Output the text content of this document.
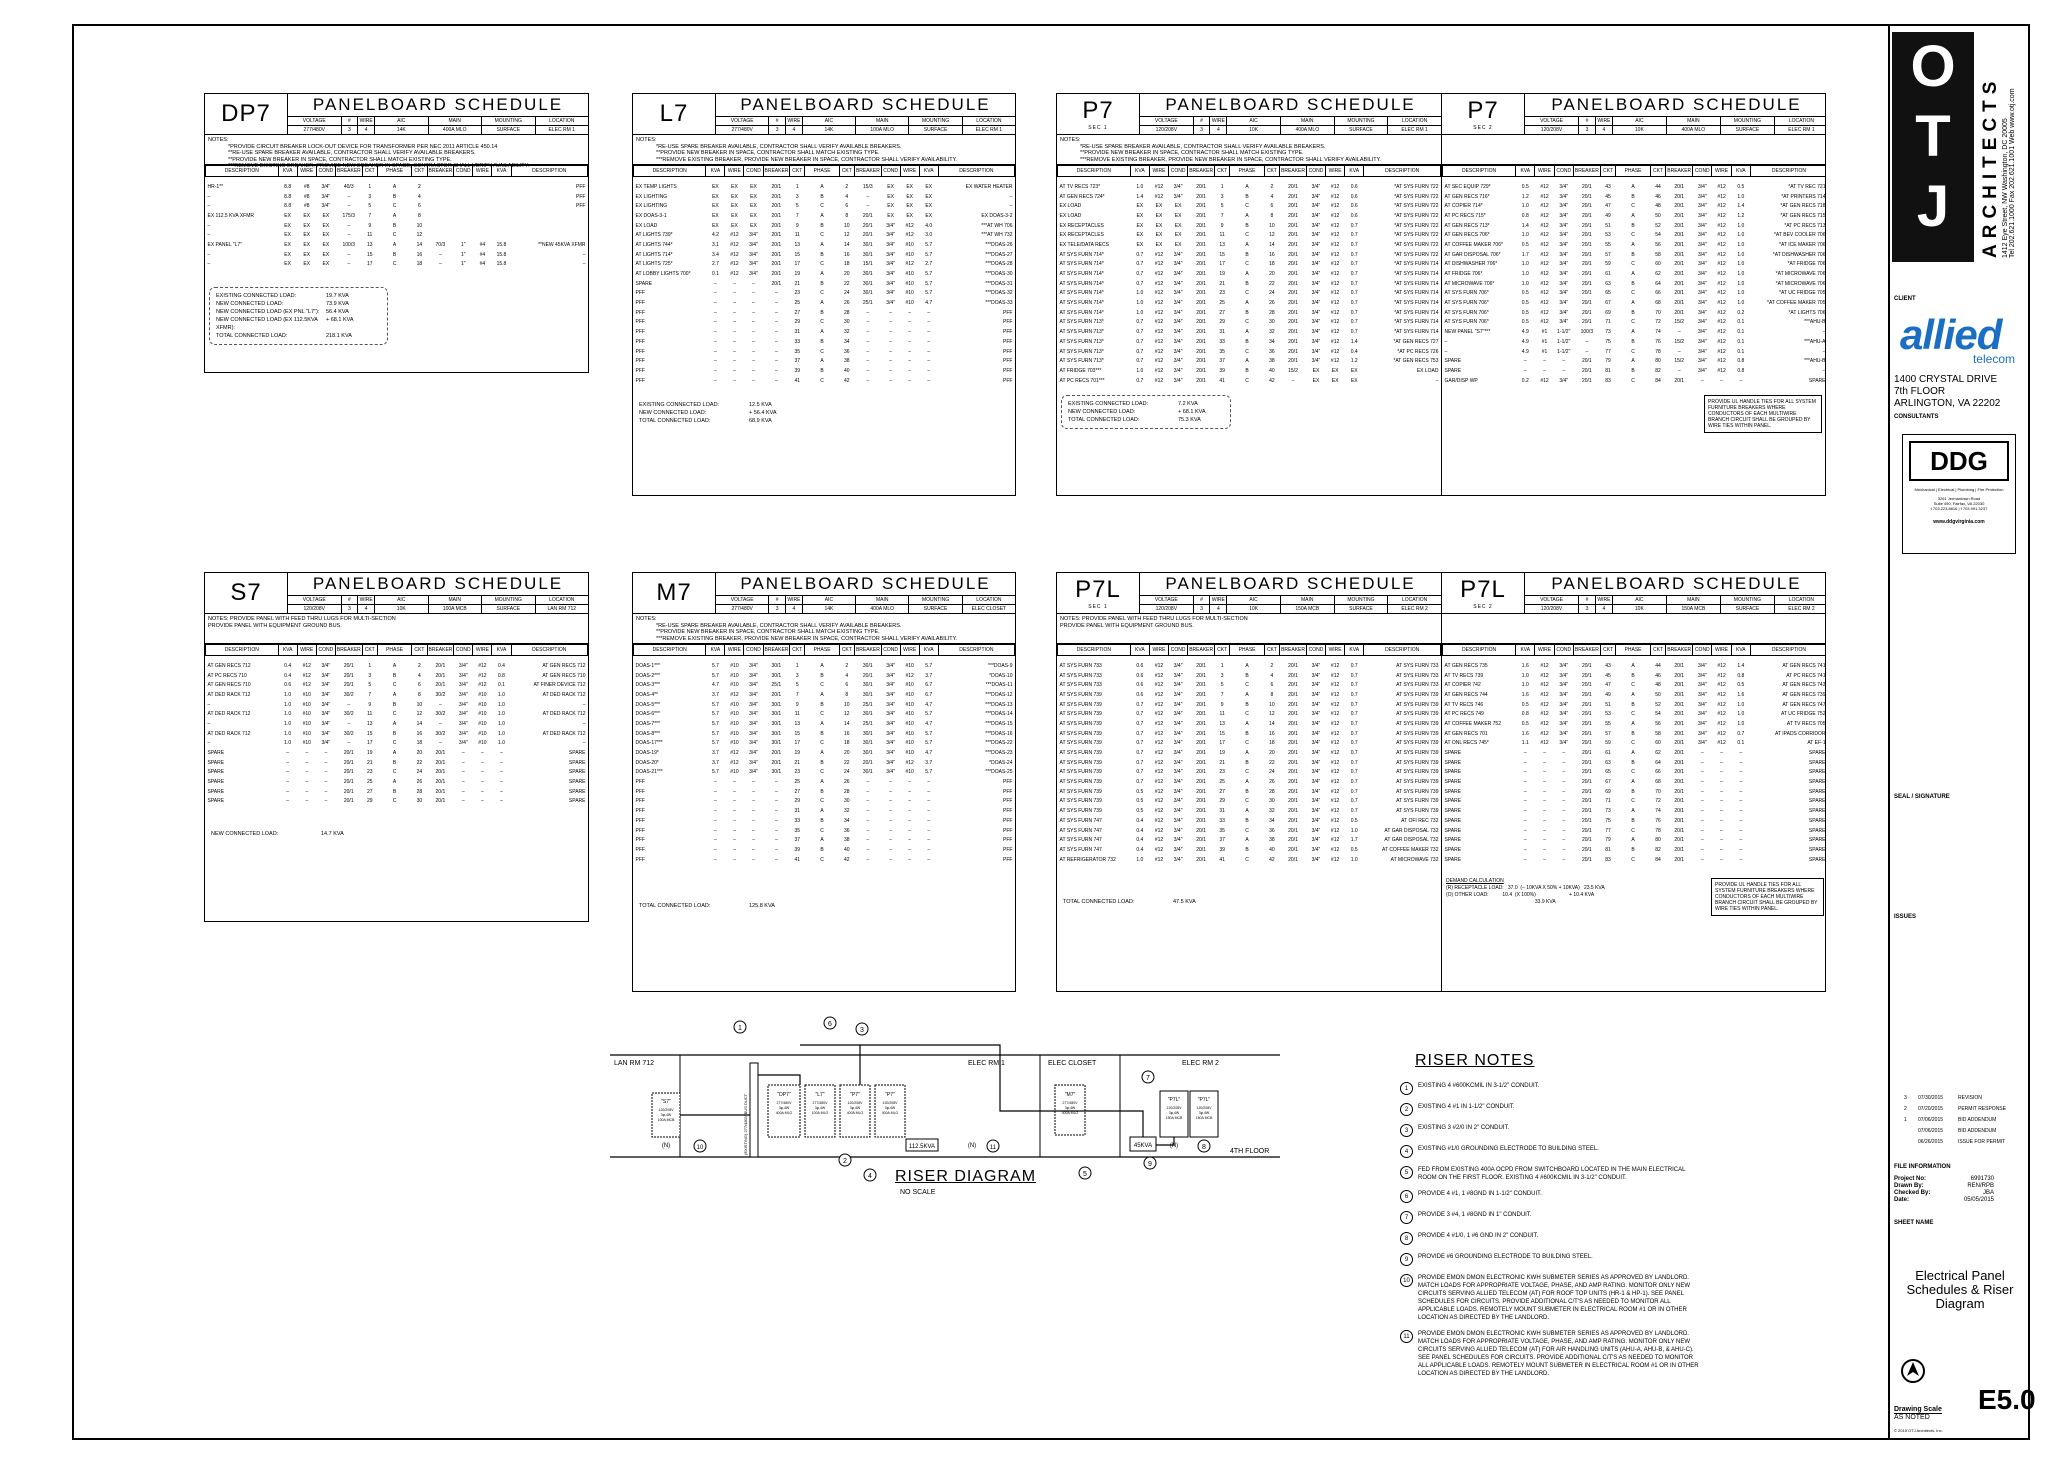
DP7	PANELBOARD SCHEDULE
VOLTAGE
277/480V
#
3
WIRE
4
AIC
14K
MAIN
400A MLO
MOUNTING
SURFACE
LOCATION
ELEC RM 1
NOTES:
*PROVIDE CIRCUIT BREAKER LOCK-OUT DEVICE FOR TRANSFORMER PER NEC 2011 ARTICLE 450.14
**RE-USE SPARE BREAKER AVAILABLE, CONTRACTOR SHALL VERIFY AVAILABLE BREAKERS.
**PROVIDE NEW BREAKER IN SPACE, CONTRACTOR SHALL MATCH EXISTING TYPE.
***REMOVE EXISTING BREAKER, PROVIDE NEW BREAKER IN SPACE, CONTRACTOR SHALL VERIFY AVAILABILITY.
DESCRIPTION	KVA	WIRE	COND	BREAKER	CKT	PHASE	CKT	BREAKER	COND	WIRE	KVA	DESCRIPTION

HR-1**	8.8	#8	3/4"	40/3	1	A	2					PFF
–	8.8	#8	3/4"	–	3	B	4					PFF
–	8.8	#8	3/4"	–	5	C	6					PFF
EX 112.5 KVA XFMR	EX	EX	EX	175/3	7	A	8					
–	EX	EX	EX	–	9	B	10					
–	EX	EX	EX	–	11	C	12					
EX PANEL "L7"	EX	EX	EX	100/3	13	A	14	70/3	1"	#4	15.8	**NEW 45KVA XFMR
–	EX	EX	EX	–	15	B	16	–	1"	#4	15.8	–
–	EX	EX	EX	–	17	C	18	–	1"	#4	15.8	–
EXISTING CONNECTED LOAD:	19.7 KVA
NEW CONNECTED LOAD:	73.9 KVA
NEW CONNECTED LOAD (EX PNL "L7"):	56.4 KVA
NEW CONNECTED LOAD (EX 112.5KVA XFMR):
+ 68.1 KVA
TOTAL CONNECTED LOAD:	218.1 KVA
L7	PANELBOARD SCHEDULE
VOLTAGE
277/480V
#
3
WIRE
4
AIC
14K
MAIN
100A MLO
MOUNTING
SURFACE
LOCATION
ELEC RM 1
NOTES:
*RE-USE SPARE BREAKER AVAILABLE, CONTRACTOR SHALL VERIFY AVAILABLE BREAKERS.
**PROVIDE NEW BREAKER IN SPACE, CONTRACTOR SHALL MATCH EXISTING TYPE.
***REMOVE EXISTING BREAKER, PROVIDE NEW BREAKER IN SPACE, CONTRACTOR SHALL VERIFY AVAILABILITY.
DESCRIPTION	KVA	WIRE	COND	BREAKER	CKT	PHASE	CKT	BREAKER	COND	WIRE	KVA	DESCRIPTION

EX TEMP LIGHTS	EX	EX	EX	20/1	1	A	2	15/3	EX	EX	EX	EX WATER HEATER
EX LIGHTING	EX	EX	EX	20/1	3	B	4	–	EX	EX	EX	–
EX LIGHTING	EX	EX	EX	20/1	5	C	6	–	EX	EX	EX	–
EX DOAS-3-1	EX	EX	EX	20/1	7	A	8	20/1	EX	EX	EX	EX DOAS-3-2
EX LOAD	EX	EX	EX	20/1	9	B	10	20/1	3/4"	#12	4.0	***AT WH 706
AT LIGHTS 739*	4.2	#12	3/4"	20/1	11	C	12	20/1	3/4"	#12	3.0	***AT WH 732
AT LIGHTS 744*	3.1	#12	3/4"	20/1	13	A	14	30/1	3/4"	#10	5.7	***DOAS-26
AT LIGHTS 714*	3.4	#12	3/4"	20/1	15	B	16	30/1	3/4"	#10	5.7	***DOAS-27
AT LIGHTS 725*	2.7	#12	3/4"	20/1	17	C	18	15/1	3/4"	#12	2.7	***DOAS-28
AT LOBBY LIGHTS 700*	0.1	#12	3/4"	20/1	19	A	20	30/1	3/4"	#10	5.7	***DOAS-30
SPARE	–	–	–	20/1	21	B	22	30/1	3/4"	#10	5.7	***DOAS-31
PFF	–	–	–	–	23	C	24	30/1	3/4"	#10	5.7	***DOAS-32
PFF	–	–	–	–	25	A	26	25/1	3/4"	#10	4.7	***DOAS-33
PFF	–	–	–	–	27	B	28	–	–	–	–	PFF
PFF	–	–	–	–	29	C	30	–	–	–	–	PFF
PFF	–	–	–	–	31	A	32	–	–	–	–	PFF
PFF	–	–	–	–	33	B	34	–	–	–	–	PFF
PFF	–	–	–	–	35	C	36	–	–	–	–	PFF
PFF	–	–	–	–	37	A	38	–	–	–	–	PFF
PFF	–	–	–	–	39	B	40	–	–	–	–	PFF
PFF	–	–	–	–	41	C	42	–	–	–	–	PFF
EXISTING CONNECTED LOAD:	12.5 KVA
NEW CONNECTED LOAD:	+ 56.4 KVA
TOTAL CONNECTED LOAD:	68.9 KVA
P7
SEC 1
PANELBOARD SCHEDULE
VOLTAGE
120/208V
#
3
WIRE
4
AIC
10K
MAIN
400A MLO
MOUNTING
SURFACE
LOCATION
ELEC RM 1
NOTES:
*RE-USE SPARE BREAKER AVAILABLE, CONTRACTOR SHALL VERIFY AVAILABLE BREAKERS.
**PROVIDE NEW BREAKER IN SPACE, CONTRACTOR SHALL MATCH EXISTING TYPE.
***REMOVE EXISTING BREAKER, PROVIDE NEW BREAKER IN SPACE, CONTRACTOR SHALL VERIFY AVAILABILITY.
DESCRIPTION	KVA	WIRE	COND	BREAKER	CKT	PHASE	CKT	BREAKER	COND	WIRE	KVA	DESCRIPTION

AT TV RECS 723*	1.0	#12	3/4"	20/1	1	A	2	20/1	3/4"	#12	0.6	*AT SYS FURN 722
AT GEN RECS 724*	1.4	#12	3/4"	20/1	3	B	4	20/1	3/4"	#12	0.6	*AT SYS FURN 722
EX LOAD	EX	EX	EX	20/1	5	C	6	20/1	3/4"	#12	0.6	*AT SYS FURN 722
EX LOAD	EX	EX	EX	20/1	7	A	8	20/1	3/4"	#12	0.6	*AT SYS FURN 722
EX RECEPTACLES	EX	EX	EX	20/1	9	B	10	20/1	3/4"	#12	0.7	*AT SYS FURN 722
EX RECEPTACLES	EX	EX	EX	20/1	11	C	12	20/1	3/4"	#12	0.7	*AT SYS FURN 722
EX TELE/DATA RECS	EX	EX	EX	20/1	13	A	14	20/1	3/4"	#12	0.7	*AT SYS FURN 722
AT SYS FURN 714*	0.7	#12	3/4"	20/1	15	B	16	20/1	3/4"	#12	0.7	*AT SYS FURN 722
AT SYS FURN 714*	0.7	#12	3/4"	20/1	17	C	18	20/1	3/4"	#12	0.7	*AT SYS FURN 714
AT SYS FURN 714*	0.7	#12	3/4"	20/1	19	A	20	20/1	3/4"	#12	0.7	*AT SYS FURN 714
AT SYS FURN 714*	0.7	#12	3/4"	20/1	21	B	22	20/1	3/4"	#12	0.7	*AT SYS FURN 714
AT SYS FURN 714*	1.0	#12	3/4"	20/1	23	C	24	20/1	3/4"	#12	0.7	*AT SYS FURN 714
AT SYS FURN 714*	1.0	#12	3/4"	20/1	25	A	26	20/1	3/4"	#12	0.7	*AT SYS FURN 714
AT SYS FURN 714*	1.0	#12	3/4"	20/1	27	B	28	20/1	3/4"	#12	0.7	*AT SYS FURN 714
AT SYS FURN 713*	0.7	#12	3/4"	20/1	29	C	30	20/1	3/4"	#12	0.7	*AT SYS FURN 714
AT SYS FURN 713*	0.7	#12	3/4"	20/1	31	A	32	20/1	3/4"	#12	0.7	*AT SYS FURN 714
AT SYS FURN 713*	0.7	#12	3/4"	20/1	33	B	34	20/1	3/4"	#12	1.4	*AT GEN RECS 727
AT SYS FURN 713*	0.7	#12	3/4"	20/1	35	C	36	20/1	3/4"	#12	0.4	*AT PC RECS 726
AT SYS FURN 713*	0.7	#12	3/4"	20/1	37	A	38	20/1	3/4"	#12	1.2	*AT GEN RECS 753
AT FRIDGE 703***	1.0	#12	3/4"	20/1	39	B	40	15/2	EX	EX	EX	EX LOAD
AT PC RECS 701***	0.7	#12	3/4"	20/1	41	C	42	–	EX	EX	EX	–
EXISTING CONNECTED LOAD:	7.2 KVA
NEW CONNECTED LOAD:	+ 68.1 KVA
TOTAL CONNECTED LOAD:	75.3 KVA
P7
SEC 2
PANELBOARD SCHEDULE
VOLTAGE
120/208V
#
3
WIRE
4
AIC
10K
MAIN
400A MLO
MOUNTING
SURFACE
LOCATION
ELEC RM 1
DESCRIPTION	KVA	WIRE	COND	BREAKER	CKT	PHASE	CKT	BREAKER	COND	WIRE	KVA	DESCRIPTION

AT SEC EQUIP 729*	0.5	#12	3/4"	20/1	43	A	44	20/1	3/4"	#12	0.5	*AT TV REC 721
AT GEN RECS 716*	1.2	#12	3/4"	20/1	45	B	46	20/1	3/4"	#12	1.0	*AT PRINTERS 714
AT COPIER 714*	1.0	#12	3/4"	20/1	47	C	48	20/1	3/4"	#12	1.4	*AT GEN RECS 718
AT PC RECS 715*	0.8	#12	3/4"	20/1	49	A	50	20/1	3/4"	#12	1.2	*AT GEN RECS 715
AT GEN RECS 713*	1.4	#12	3/4"	20/1	51	B	52	20/1	3/4"	#12	1.0	*AT PC RECS 713
AT GEN RECS 706*	1.0	#12	3/4"	20/1	53	C	54	20/1	3/4"	#12	1.0	*AT BEV COOLER 706
AT COFFEE MAKER 706*	0.5	#12	3/4"	20/1	55	A	56	20/1	3/4"	#12	1.0	*AT ICE MAKER 706
AT GAR DISPOSAL 706*	1.7	#12	3/4"	20/1	57	B	58	20/1	3/4"	#12	1.0	*AT DISHWASHER 706
AT DISHWASHER 706*	1.0	#12	3/4"	20/1	59	C	60	20/1	3/4"	#12	1.0	*AT FRIDGE 706
AT FRIDGE 706*	1.0	#12	3/4"	20/1	61	A	62	20/1	3/4"	#12	1.0	*AT MICROWAVE 706
AT MICROWAVE 706*	1.0	#12	3/4"	20/1	63	B	64	20/1	3/4"	#12	1.0	*AT MICROWAVE 706
AT SYS FURN 706*	0.5	#12	3/4"	20/1	65	C	66	20/1	3/4"	#12	1.0	*AT UC FRIDGE 705
AT SYS FURN 706*	0.5	#12	3/4"	20/1	67	A	68	20/1	3/4"	#12	1.0	*AT COFFEE MAKER 705
AT SYS FURN 706*	0.5	#12	3/4"	20/1	69	B	70	20/1	3/4"	#12	0.2	*AT LIGHTS 706
AT SYS FURN 706*	0.5	#12	3/4"	20/1	71	C	72	15/2	3/4"	#12	0.1	***AHU-B
NEW PANEL "S7"***	4.9	#1	1-1/2"	100/3	73	A	74	–	3/4"	#12	0.1	–
–	4.9	#1	1-1/2"	–	75	B	76	15/2	3/4"	#12	0.1	***AHU-A
–	4.9	#1	1-1/2"	–	77	C	78	–	3/4"	#12	0.1	–
SPARE	–	–	–	20/1	79	A	80	15/2	3/4"	#12	0.8	***AHU-B
SPARE	–	–	–	20/1	81	B	82	–	3/4"	#12	0.8	–
GAR/DISP WP	0.2	#12	3/4"	20/1	83	C	84	20/1	–	–	–	SPARE
PROVIDE UL HANDLE TIES FOR ALL SYSTEM FURNITURE BREAKERS WHERE CONDUCTORS OF EACH MULTIWIRE BRANCH CIRCUIT SHALL BE GROUPED BY WIRE TIES WITHIN PANEL.
S7	PANELBOARD SCHEDULE
VOLTAGE
120/208V
#
3
WIRE
4
AIC
10K
MAIN
100A MCB
MOUNTING
SURFACE
LOCATION
LAN RM 712
NOTES: PROVIDE PANEL WITH FEED THRU LUGS FOR MULTI-SECTION
PROVIDE PANEL WITH EQUIPMENT GROUND BUS.
DESCRIPTION	KVA	WIRE	COND	BREAKER	CKT	PHASE	CKT	BREAKER	COND	WIRE	KVA	DESCRIPTION

AT GEN RECS 712	0.4	#12	3/4"	20/1	1	A	2	20/1	3/4"	#12	0.4	AT GEN RECS 712
AT PC RECS 710	0.4	#12	3/4"	20/1	3	B	4	20/1	3/4"	#12	0.8	AT GEN RECS 710
AT GEN RECS 710	0.6	#12	3/4"	20/1	5	C	6	20/1	3/4"	#12	0.1	AT FINER DEVICE 712
AT DED RACK 712	1.0	#10	3/4"	30/2	7	A	8	30/2	3/4"	#10	1.0	AT DED RACK 712
–	1.0	#10	3/4"	–	9	B	10	–	3/4"	#10	1.0	–
AT DED RACK 712	1.0	#10	3/4"	30/2	11	C	12	30/2	3/4"	#10	1.0	AT DED RACK 712
–	1.0	#10	3/4"	–	13	A	14	–	3/4"	#10	1.0	–
AT DED RACK 712	1.0	#10	3/4"	30/2	15	B	16	30/2	3/4"	#10	1.0	AT DED RACK 712
–	1.0	#10	3/4"	–	17	C	18	–	3/4"	#10	1.0	–
SPARE	–	–	–	20/1	19	A	20	20/1	–	–	–	SPARE
SPARE	–	–	–	20/1	21	B	22	20/1	–	–	–	SPARE
SPARE	–	–	–	20/1	23	C	24	20/1	–	–	–	SPARE
SPARE	–	–	–	20/1	25	A	26	20/1	–	–	–	SPARE
SPARE	–	–	–	20/1	27	B	28	20/1	–	–	–	SPARE
SPARE	–	–	–	20/1	29	C	30	20/1	–	–	–	SPARE
NEW CONNECTED LOAD:	14.7 KVA
M7	PANELBOARD SCHEDULE
VOLTAGE
277/480V
#
3
WIRE
4
AIC
14K
MAIN
400A MLO
MOUNTING
SURFACE
LOCATION
ELEC CLOSET
NOTES:
*RE-USE SPARE BREAKER AVAILABLE, CONTRACTOR SHALL VERIFY AVAILABLE BREAKERS.
**PROVIDE NEW BREAKER IN SPACE, CONTRACTOR SHALL MATCH EXISTING TYPE.
***REMOVE EXISTING BREAKER, PROVIDE NEW BREAKER IN SPACE, CONTRACTOR SHALL VERIFY AVAILABILITY.
DESCRIPTION	KVA	WIRE	COND	BREAKER	CKT	PHASE	CKT	BREAKER	COND	WIRE	KVA	DESCRIPTION

DOAS-1***	5.7	#10	3/4"	30/1	1	A	2	30/1	3/4"	#10	5.7	***DOAS-9
DOAS-2***	5.7	#10	3/4"	30/1	3	B	4	20/1	3/4"	#12	3.7	*DOAS-10
DOAS-3***	4.7	#10	3/4"	25/1	5	C	6	30/1	3/4"	#10	6.7	***DOAS-11
DOAS-4**	3.7	#12	3/4"	20/1	7	A	8	30/1	3/4"	#10	6.7	***DOAS-12
DOAS-5***	5.7	#10	3/4"	30/1	9	B	10	25/1	3/4"	#10	4.7	***DOAS-13
DOAS-6***	5.7	#10	3/4"	30/1	11	C	12	30/1	3/4"	#10	5.7	***DOAS-14
DOAS-7***	5.7	#10	3/4"	30/1	13	A	14	25/1	3/4"	#10	4.7	***DOAS-15
DOAS-8***	5.7	#10	3/4"	30/1	15	B	16	30/1	3/4"	#10	5.7	***DOAS-16
DOAS-17***	5.7	#10	3/4"	30/1	17	C	18	30/1	3/4"	#10	5.7	***DOAS-22
DOAS-19*	3.7	#12	3/4"	20/1	19	A	20	30/1	3/4"	#10	4.7	***DOAS-23
DOAS-20*	3.7	#12	3/4"	20/1	21	B	22	20/1	3/4"	#12	3.7	*DOAS-24
DOAS-21***	5.7	#10	3/4"	30/1	23	C	24	30/1	3/4"	#10	5.7	***DOAS-25
PFF	–	–	–	–	25	A	26	–	–	–	–	PFF
PFF	–	–	–	–	27	B	28	–	–	–	–	PFF
PFF	–	–	–	–	29	C	30	–	–	–	–	PFF
PFF	–	–	–	–	31	A	32	–	–	–	–	PFF
PFF	–	–	–	–	33	B	34	–	–	–	–	PFF
PFF	–	–	–	–	35	C	36	–	–	–	–	PFF
PFF	–	–	–	–	37	A	38	–	–	–	–	PFF
PFF	–	–	–	–	39	B	40	–	–	–	–	PFF
PFF	–	–	–	–	41	C	42	–	–	–	–	PFF
TOTAL CONNECTED LOAD:	125.8 KVA
P7L
SEC 1
PANELBOARD SCHEDULE
VOLTAGE
120/208V
#
3
WIRE
4
AIC
10K
MAIN
150A MCB
MOUNTING
SURFACE
LOCATION
ELEC RM 2
NOTES: PROVIDE PANEL WITH FEED THRU LUGS FOR MULTI-SECTION
PROVIDE PANEL WITH EQUIPMENT GROUND BUS.
DESCRIPTION	KVA	WIRE	COND	BREAKER	CKT	PHASE	CKT	BREAKER	COND	WIRE	KVA	DESCRIPTION

AT SYS FURN 733	0.6	#12	3/4"	20/1	1	A	2	20/1	3/4"	#12	0.7	AT SYS FURN 733
AT SYS FURN 733	0.6	#12	3/4"	20/1	3	B	4	20/1	3/4"	#12	0.7	AT SYS FURN 733
AT SYS FURN 733	0.6	#12	3/4"	20/1	5	C	6	20/1	3/4"	#12	0.7	AT SYS FURN 733
AT SYS FURN 739	0.6	#12	3/4"	20/1	7	A	8	20/1	3/4"	#12	0.7	AT SYS FURN 739
AT SYS FURN 739	0.7	#12	3/4"	20/1	9	B	10	20/1	3/4"	#12	0.7	AT SYS FURN 739
AT SYS FURN 739	0.7	#12	3/4"	20/1	11	C	12	20/1	3/4"	#12	0.7	AT SYS FURN 739
AT SYS FURN 739	0.7	#12	3/4"	20/1	13	A	14	20/1	3/4"	#12	0.7	AT SYS FURN 739
AT SYS FURN 739	0.7	#12	3/4"	20/1	15	B	16	20/1	3/4"	#12	0.7	AT SYS FURN 739
AT SYS FURN 739	0.7	#12	3/4"	20/1	17	C	18	20/1	3/4"	#12	0.7	AT SYS FURN 739
AT SYS FURN 739	0.7	#12	3/4"	20/1	19	A	20	20/1	3/4"	#12	0.7	AT SYS FURN 739
AT SYS FURN 739	0.7	#12	3/4"	20/1	21	B	22	20/1	3/4"	#12	0.7	AT SYS FURN 739
AT SYS FURN 739	0.7	#12	3/4"	20/1	23	C	24	20/1	3/4"	#12	0.7	AT SYS FURN 739
AT SYS FURN 739	0.7	#12	3/4"	20/1	25	A	26	20/1	3/4"	#12	0.7	AT SYS FURN 739
AT SYS FURN 739	0.5	#12	3/4"	20/1	27	B	28	20/1	3/4"	#12	0.7	AT SYS FURN 739
AT SYS FURN 739	0.5	#12	3/4"	20/1	29	C	30	20/1	3/4"	#12	0.7	AT SYS FURN 739
AT SYS FURN 739	0.5	#12	3/4"	20/1	31	A	32	20/1	3/4"	#12	0.7	AT SYS FURN 739
AT SYS FURN 747	0.4	#12	3/4"	20/1	33	B	34	20/1	3/4"	#12	0.5	AT OFI REC 732
AT SYS FURN 747	0.4	#12	3/4"	20/1	35	C	36	20/1	3/4"	#12	1.0	AT GAR DISPOSAL 732
AT SYS FURN 747	0.4	#12	3/4"	20/1	37	A	38	20/1	3/4"	#12	1.7	AT GAR DISPOSAL 732
AT SYS FURN 747	0.4	#12	3/4"	20/1	39	B	40	20/1	3/4"	#12	0.5	AT COFFEE MAKER 732
AT REFRIGERATOR 732	1.0	#12	3/4"	20/1	41	C	42	20/1	3/4"	#12	1.0	AT MICROWAVE 732
TOTAL CONNECTED LOAD:	47.5 KVA
P7L
SEC 2
PANELBOARD SCHEDULE
VOLTAGE
120/208V
#
3
WIRE
4
AIC
10K
MAIN
150A MCB
MOUNTING
SURFACE
LOCATION
ELEC RM 2
DESCRIPTION	KVA	WIRE	COND	BREAKER	CKT	PHASE	CKT	BREAKER	COND	WIRE	KVA	DESCRIPTION

AT GEN RECS 735	1.6	#12	3/4"	20/1	43	A	44	20/1	3/4"	#12	1.4	AT GEN RECS 741
AT TV RECS 739	1.0	#12	3/4"	20/1	45	B	46	20/1	3/4"	#12	0.8	AT PC RECS 741
AT COPIER 742	1.0	#12	3/4"	20/1	47	C	48	20/1	3/4"	#12	0.5	AT GEN RECS 743
AT GEN RECS 744	1.6	#12	3/4"	20/1	49	A	50	20/1	3/4"	#12	1.6	AT GEN RECS 739
AT TV RECS 746	0.5	#12	3/4"	20/1	51	B	52	20/1	3/4"	#12	1.0	AT GEN RECS 747
AT PC RECS 749	0.8	#12	3/4"	20/1	53	C	54	20/1	3/4"	#12	1.0	AT UC FRIDGE 752
AT COFFEE MAKER 752	0.5	#12	3/4"	20/1	55	A	56	20/1	3/4"	#12	1.0	AT TV RECS 705
AT GEN RECS 701	1.6	#12	3/4"	20/1	57	B	58	20/1	3/4"	#12	0.7	AT IPADS CORRIDOR
AT ONL RECS 745*	1.1	#12	3/4"	20/1	59	C	60	20/1	3/4"	#12	0.1	AT EF-1
SPARE	–	–	–	20/1	61	A	62	20/1	–	–	–	SPARE
SPARE	–	–	–	20/1	63	B	64	20/1	–	–	–	SPARE
SPARE	–	–	–	20/1	65	C	66	20/1	–	–	–	SPARE
SPARE	–	–	–	20/1	67	A	68	20/1	–	–	–	SPARE
SPARE	–	–	–	20/1	69	B	70	20/1	–	–	–	SPARE
SPARE	–	–	–	20/1	71	C	72	20/1	–	–	–	SPARE
SPARE	–	–	–	20/1	73	A	74	20/1	–	–	–	SPARE
SPARE	–	–	–	20/1	75	B	76	20/1	–	–	–	SPARE
SPARE	–	–	–	20/1	77	C	78	20/1	–	–	–	SPARE
SPARE	–	–	–	20/1	79	A	80	20/1	–	–	–	SPARE
SPARE	–	–	–	20/1	81	B	82	20/1	–	–	–	SPARE
SPARE	–	–	–	20/1	83	C	84	20/1	–	–	–	SPARE
DEMAND CALCULATION
(R) RECEPTACLE LOAD:   37.0  (– 10KVA X 50% + 10KVA)   23.5 KVA
(O) OTHER LOAD:          10.4  (X 100%)                        + 10.4 KVA
33.9 KVA
PROVIDE UL HANDLE TIES FOR ALL SYSTEM FURNITURE BREAKERS WHERE CONDUCTORS OF EACH MULTIWIRE BRANCH CIRCUIT SHALL BE GROUPED BY WIRE TIES WITHIN PANEL.
LAN RM 712	ELEC RM 1	ELEC CLOSET	ELEC RM 2
4TH FLOOR
"S7"
120/208V
3φ,4W
100A MCB
"DP7"
277/480V
3φ,4W
400A MLO
"L7"
277/480V
3φ,4W
100A MLO
"P7"
120/208V
3φ,4W
400A MLO
"P7"
120/208V
3φ,4W
400A MLO
"M7"
277/480V
3φ,4W
400A MLO
"P7L"
120/208V
3φ,4W
150A MCB
"P7L"
120/208V
3φ,4W
150A MCB
112.5KVA	45KVA
1
2
3
4	5
6
7
8
9
10	11
(N)	(N)	(N)
(EXISTING) 277/480V BUS DUCT
RISER DIAGRAM
NO SCALE
RISER NOTES
1	EXISTING 4 #600KCMIL IN 3-1/2" CONDUIT.
2	EXISTING 4 #1 IN 1-1/2" CONDUIT.
3	EXISTING 3 #2/0 IN 2" CONDUIT.
4	EXISTING #1/0 GROUNDING ELECTRODE TO BUILDING STEEL.
5	FED FROM EXISTING 400A OCPD FROM SWITCHBOARD LOCATED IN THE MAIN ELECTRICAL ROOM ON THE FIRST FLOOR. EXISTING 4 #600KCMIL IN 3-1/2" CONDUIT.
6	PROVIDE 4 #1, 1 #8GND IN 1-1/2" CONDUIT.
7	PROVIDE 3 #4, 1 #8GND IN 1" CONDUIT.
8	PROVIDE 4 #1/0, 1 #6 GND IN 2" CONDUIT.
9	PROVIDE #6 GROUNDING ELECTRODE TO BUILDING STEEL.
10	PROVIDE EMON DMON ELECTRONIC KWH SUBMETER SERIES AS APPROVED BY LANDLORD. MATCH LOADS FOR APPROPRIATE VOLTAGE, PHASE, AND AMP RATING. MONITOR ONLY NEW CIRCUITS SERVING ALLIED TELECOM (AT) FOR ROOF TOP UNITS (HR-1 & HP-1). SEE PANEL SCHEDULES FOR CIRCUITS. PROVIDE ADDITIONAL C/T'S AS NEEDED TO MONITOR ALL APPLICABLE LOADS. REMOTELY MOUNT SUBMETER IN ELECTRICAL ROOM #1 OR IN OTHER LOCATION AS DIRECTED BY THE LANDLORD.
11	PROVIDE EMON DMON ELECTRONIC KWH SUBMETER SERIES AS APPROVED BY LANDLORD. MATCH LOADS FOR APPROPRIATE VOLTAGE, PHASE, AND AMP RATING. MONITOR ONLY NEW CIRCUITS SERVING ALLIED TELECOM (AT) FOR AIR HANDLING UNITS (AHU-A, AHU-B, & AHU-C). SEE PANEL SCHEDULES FOR CIRCUITS. PROVIDE ADDITIONAL C/T'S AS NEEDED TO MONITOR ALL APPLICABLE LOADS. REMOTELY MOUNT SUBMETER IN ELECTRICAL ROOM #1 OR IN OTHER LOCATION AS DIRECTED BY THE LANDLORD.
O
T
J	ARCHITECTS 1412 Eye Street, NW Washington, DC 20005 Tel 202.621.1000 Fax 202.621.1001 Web www.otj.com
CLIENT
allied
telecom
1400 CRYSTAL DRIVE
7th FLOOR
ARLINGTON, VA 22202
CONSULTANTS
DDG
Mechanical | Electrical | Plumbing | Fire Protection
3261 Jermantown Road
Suite 490, Fairfax, VA 22030
t 703.223.8616 | f 703.991.3237
www.ddgvirginia.com
SEAL / SIGNATURE
ISSUES
3	07/30/2015	REVISION
2	07/20/2015	PERMIT RESPONSE
1	07/06/2015	BID ADDENDUM
07/06/2015	BID ADDENDUM
06/26/2015	ISSUE FOR PERMIT
FILE INFORMATION
Project No:	6991730
Drawn By:	REN/RPB
Checked By:	JBA
Date:	05/05/2015
SHEET NAME
Electrical Panel
Schedules & Riser
Diagram
Drawing Scale
AS NOTED
E5.0
© 2015 OTJ Architects, Inc.
